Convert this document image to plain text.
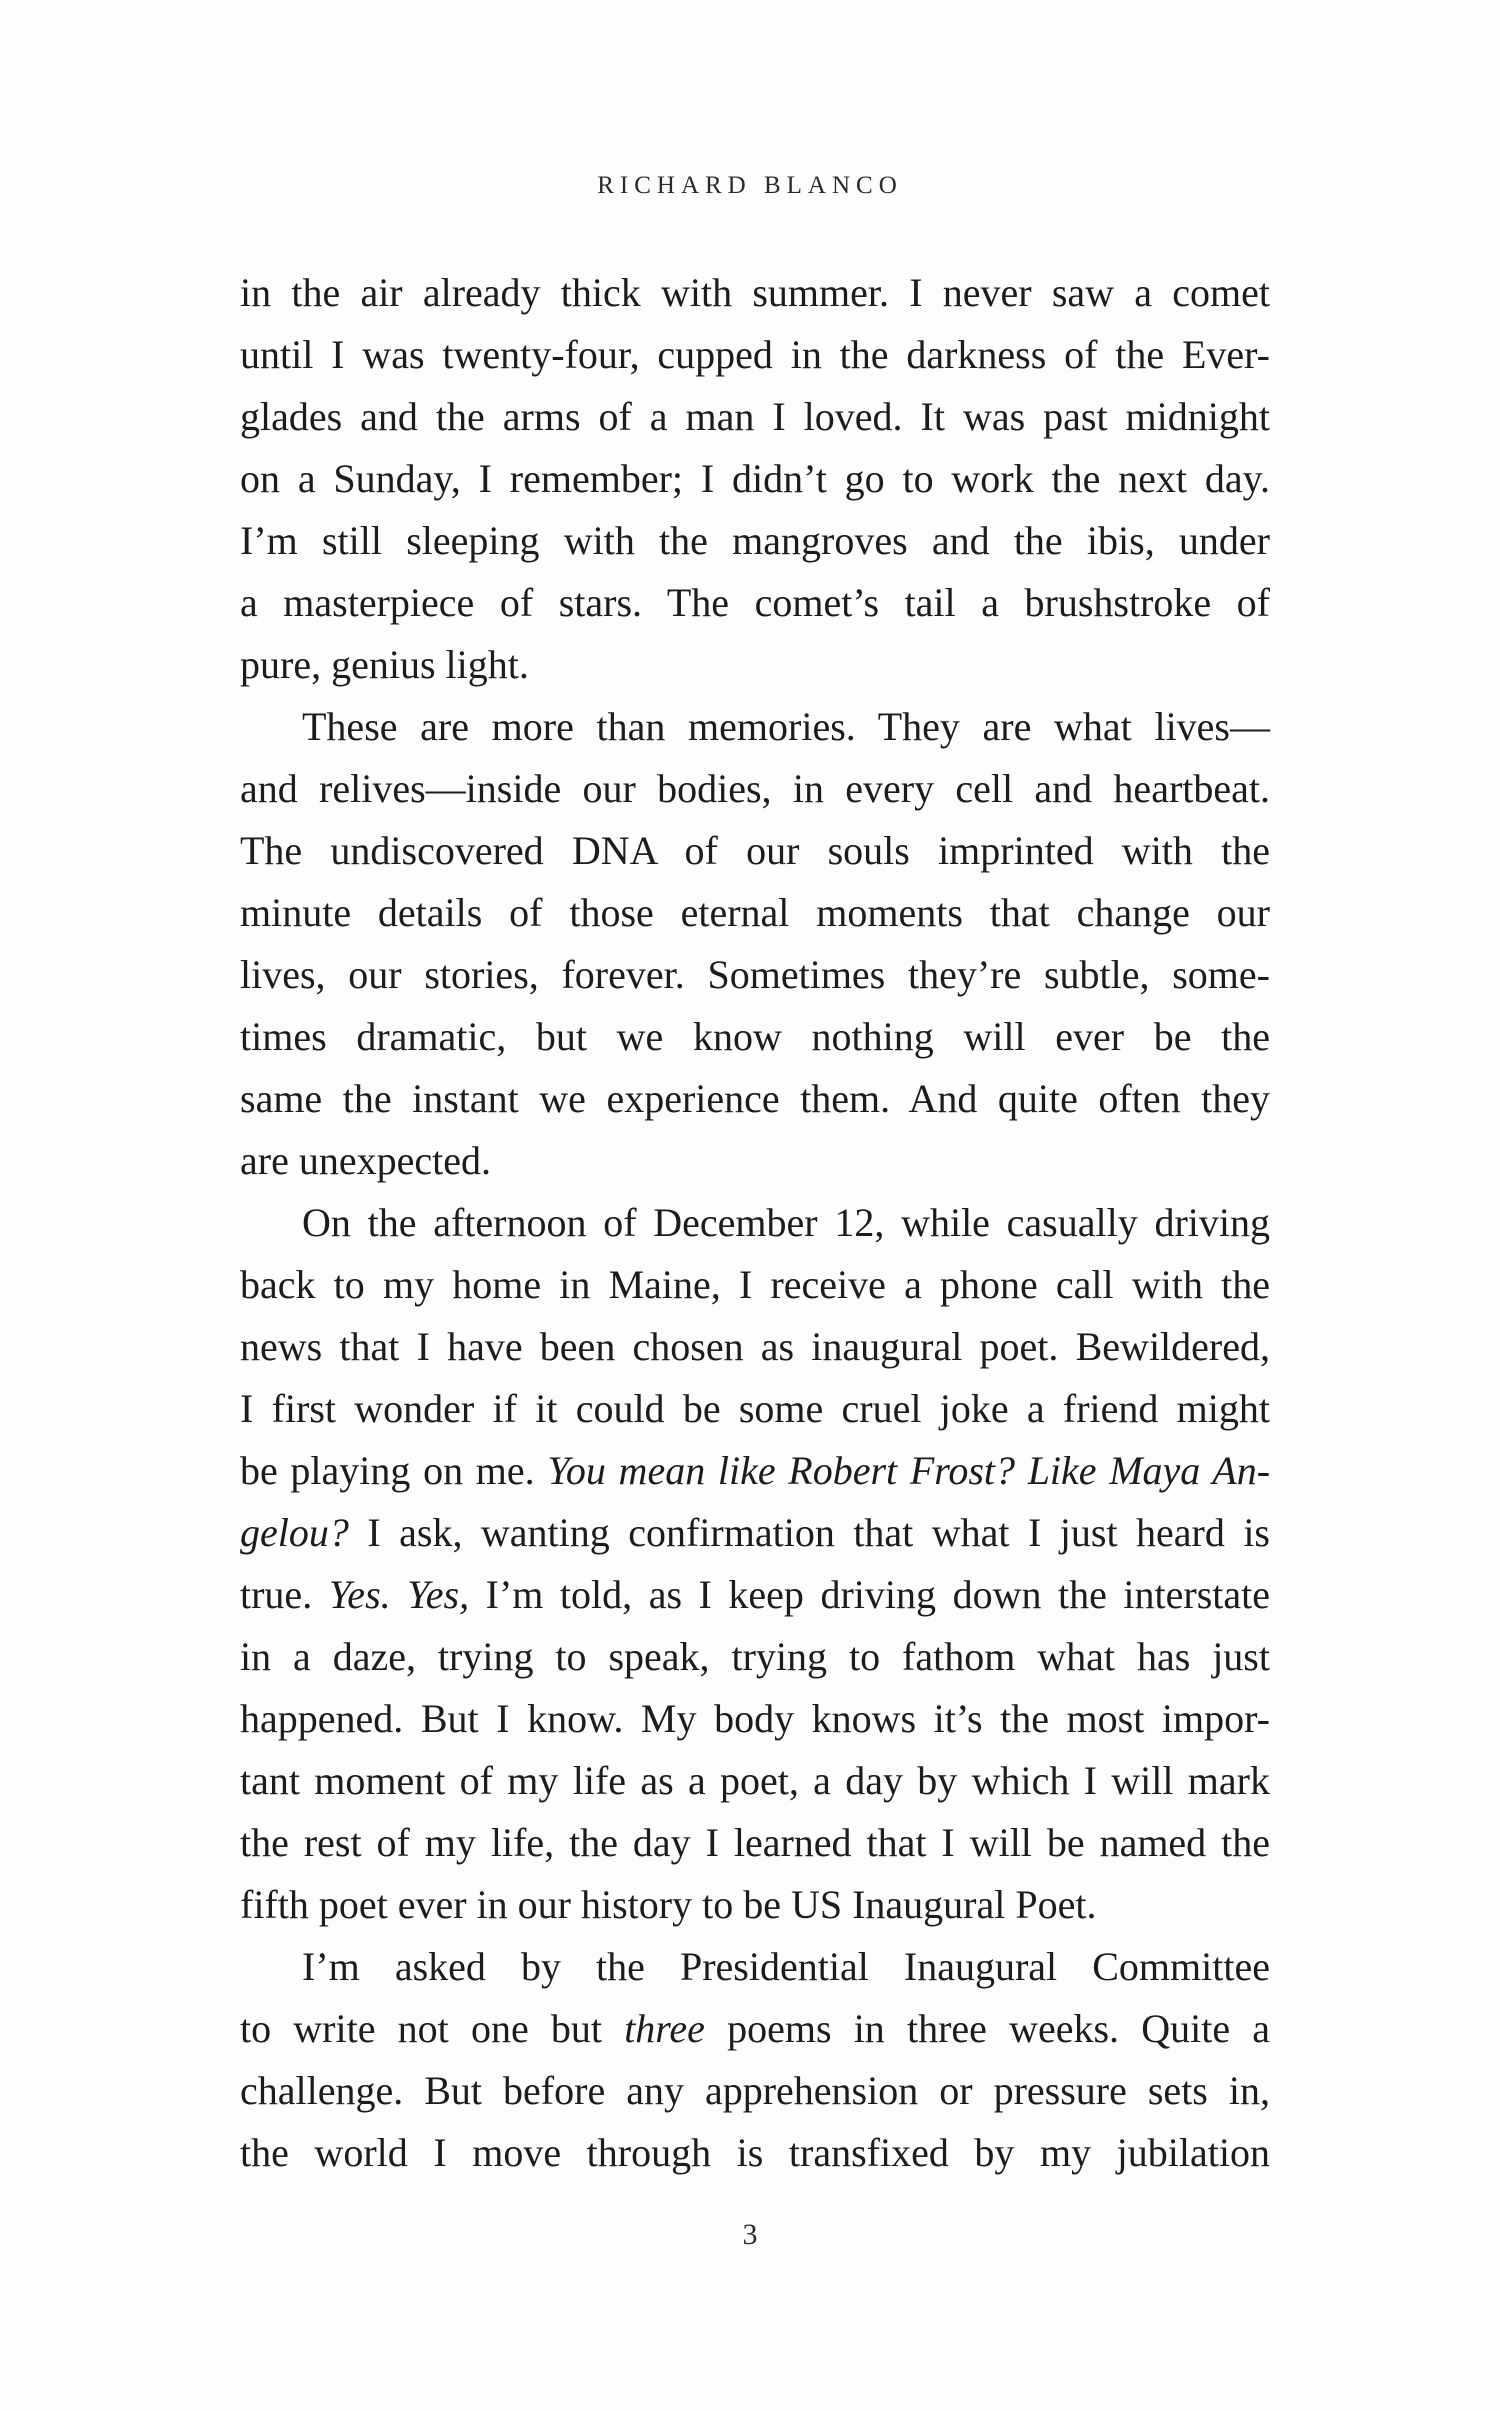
RICHARD BLANCO
in the air already thick with summer. I never saw a comet
until I was twenty-four, cupped in the darkness of the Ever-
glades and the arms of a man I loved. It was past midnight
on a Sunday, I remember; I didn’t go to work the next day.
I’m still sleeping with the mangroves and the ibis, under
a masterpiece of stars. The comet’s tail a brushstroke of
pure, genius light.
These are more than memories. They are what lives—
and relives—inside our bodies, in every cell and heartbeat.
The undiscovered DNA of our souls imprinted with the
minute details of those eternal moments that change our
lives, our stories, forever. Sometimes they’re subtle, some-
times dramatic, but we know nothing will ever be the
same the instant we experience them. And quite often they
are unexpected.
On the afternoon of December 12, while casually driving
back to my home in Maine, I receive a phone call with the
news that I have been chosen as inaugural poet. Bewildered,
I first wonder if it could be some cruel joke a friend might
be playing on me. You mean like Robert Frost? Like Maya An-
gelou? I ask, wanting confirmation that what I just heard is
true. Yes. Yes, I’m told, as I keep driving down the interstate
in a daze, trying to speak, trying to fathom what has just
happened. But I know. My body knows it’s the most impor-
tant moment of my life as a poet, a day by which I will mark
the rest of my life, the day I learned that I will be named the
fifth poet ever in our history to be US Inaugural Poet.
I’m asked by the Presidential Inaugural Committee
to write not one but three poems in three weeks. Quite a
challenge. But before any apprehension or pressure sets in,
the world I move through is transfixed by my jubilation
3
